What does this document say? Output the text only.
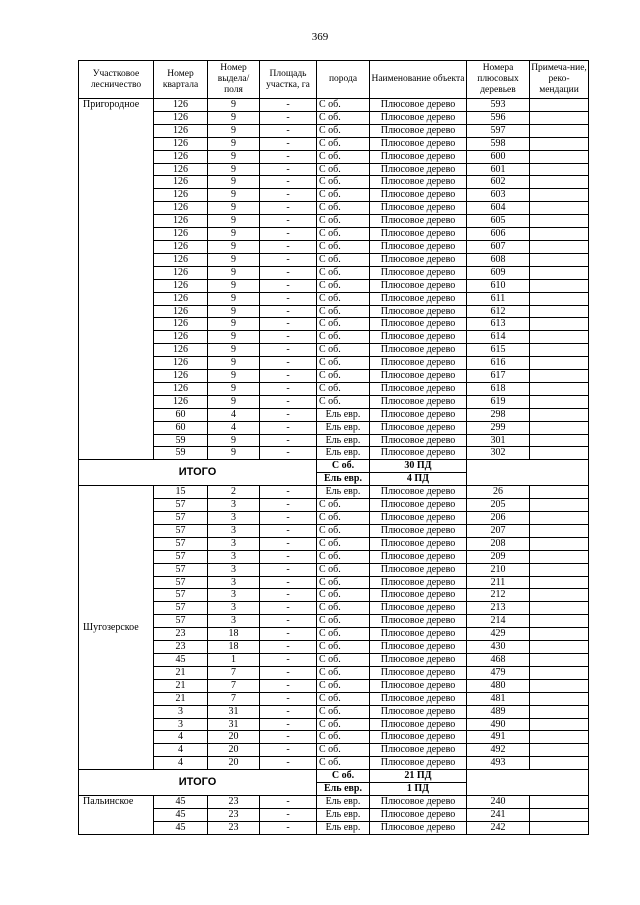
369
Участковое лесничество	Номер квартала	Номер выдела/ поля	Площадь участка, га	порода	Наименование объекта	Номера плюсовых деревьев	Примеча-ние, реко-мендации
Пригородное	126	9	-	С об.	Плюсовое дерево	593	
	126	9	-	С об.	Плюсовое дерево	596	
	126	9	-	С об.	Плюсовое дерево	597	
	126	9	-	С об.	Плюсовое дерево	598	
	126	9	-	С об.	Плюсовое дерево	600	
	126	9	-	С об.	Плюсовое дерево	601	
	126	9	-	С об.	Плюсовое дерево	602	
	126	9	-	С об.	Плюсовое дерево	603	
	126	9	-	С об.	Плюсовое дерево	604	
	126	9	-	С об.	Плюсовое дерево	605	
	126	9	-	С об.	Плюсовое дерево	606	
	126	9	-	С об.	Плюсовое дерево	607	
	126	9	-	С об.	Плюсовое дерево	608	
	126	9	-	С об.	Плюсовое дерево	609	
	126	9	-	С об.	Плюсовое дерево	610	
	126	9	-	С об.	Плюсовое дерево	611	
	126	9	-	С об.	Плюсовое дерево	612	
	126	9	-	С об.	Плюсовое дерево	613	
	126	9	-	С об.	Плюсовое дерево	614	
	126	9	-	С об.	Плюсовое дерево	615	
	126	9	-	С об.	Плюсовое дерево	616	
	126	9	-	С об.	Плюсовое дерево	617	
	126	9	-	С об.	Плюсовое дерево	618	
	126	9	-	С об.	Плюсовое дерево	619	
	60	4	-	Ель евр.	Плюсовое дерево	298	
	60	4	-	Ель евр.	Плюсовое дерево	299	
	59	9	-	Ель евр.	Плюсовое дерево	301	
	59	9	-	Ель евр.	Плюсовое дерево	302	
ИТОГО				С об.	30 ПД		
				Ель евр.	4 ПД		
Шугозерское	15	2	-	Ель евр.	Плюсовое дерево	26	
	57	3	-	С об.	Плюсовое дерево	205	
	57	3	-	С об.	Плюсовое дерево	206	
	57	3	-	С об.	Плюсовое дерево	207	
	57	3	-	С об.	Плюсовое дерево	208	
	57	3	-	С об.	Плюсовое дерево	209	
	57	3	-	С об.	Плюсовое дерево	210	
	57	3	-	С об.	Плюсовое дерево	211	
	57	3	-	С об.	Плюсовое дерево	212	
	57	3	-	С об.	Плюсовое дерево	213	
	57	3	-	С об.	Плюсовое дерево	214	
	23	18	-	С об.	Плюсовое дерево	429	
	23	18	-	С об.	Плюсовое дерево	430	
	45	1	-	С об.	Плюсовое дерево	468	
	21	7	-	С об.	Плюсовое дерево	479	
	21	7	-	С об.	Плюсовое дерево	480	
	21	7	-	С об.	Плюсовое дерево	481	
	3	31	-	С об.	Плюсовое дерево	489	
	3	31	-	С об.	Плюсовое дерево	490	
	4	20	-	С об.	Плюсовое дерево	491	
	4	20	-	С об.	Плюсовое дерево	492	
	4	20	-	С об.	Плюсовое дерево	493	
ИТОГО				С об.	21 ПД		
				Ель евр.	1 ПД		
Пальинское	45	23	-	Ель евр.	Плюсовое дерево	240	
	45	23	-	Ель евр.	Плюсовое дерево	241	
	45	23	-	Ель евр.	Плюсовое дерево	242	
